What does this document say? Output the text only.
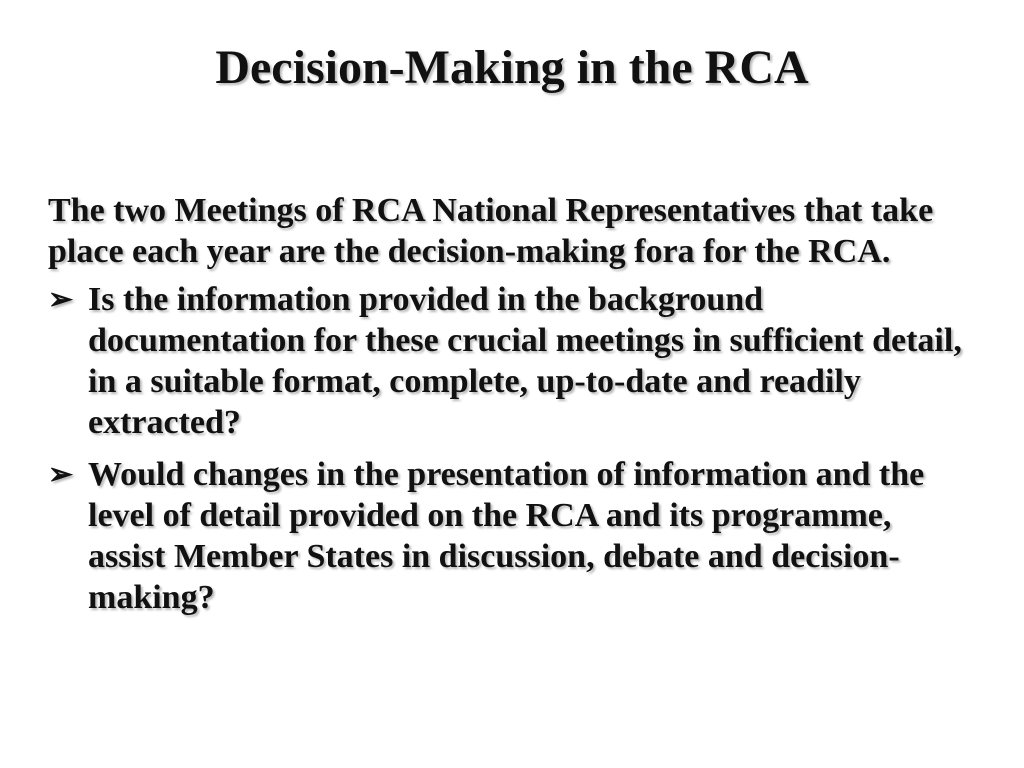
Decision-Making in the RCA

The two Meetings of RCA National Representatives that take place each year are the decision-making fora for the RCA.

➢ Is the information provided in the background documentation for these crucial meetings in sufficient detail, in a suitable format, complete, up-to-date and readily extracted?
➢ Would changes in the presentation of information and the level of detail provided on the RCA and its programme, assist Member States in discussion, debate and decision-making?
